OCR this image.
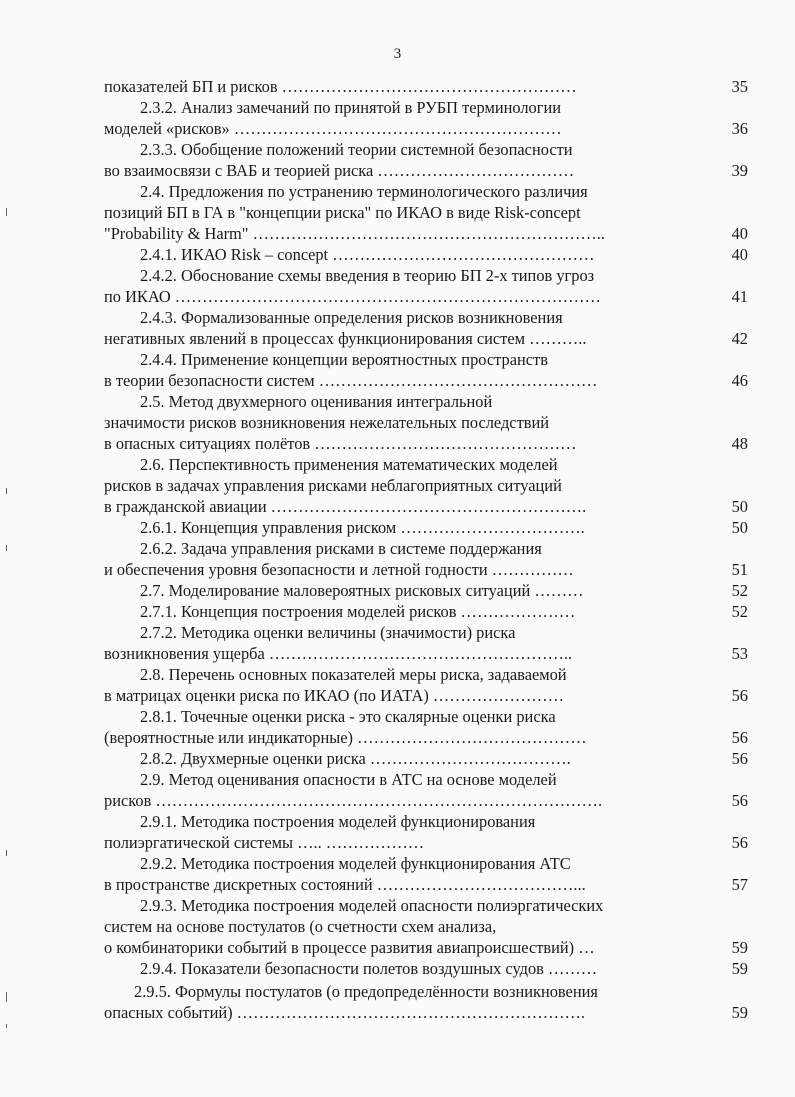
3
показателей БП и рисков ………………………………………………	35
2.3.2. Анализ замечаний по принятой в РУБП терминологии
моделей «рисков» ……………………………………………………	36
2.3.3. Обобщение положений теории системной безопасности
во взаимосвязи с ВАБ и теорией риска ………………………………	39
2.4. Предложения по устранению терминологического различия
позиций БП в ГА в "концепции риска" по ИКАО в виде Risk-concept
"Probability & Harm" ………………………………………………………..	40
2.4.1. ИКАО Risk – concept …………………………………………	40
2.4.2. Обоснование схемы введения в теорию БП 2-х типов угроз
по ИКАО ……………………………………………………………………	41
2.4.3. Формализованные определения рисков возникновения
негативных явлений в процессах функционирования систем ………..	42
2.4.4. Применение концепции вероятностных пространств
в теории безопасности систем ……………………………………………	46
2.5. Метод двухмерного оценивания интегральной
значимости рисков возникновения нежелательных последствий
в опасных ситуациях полётов …………………………………………	48
2.6. Перспективность применения математических моделей
рисков в задачах управления рисками неблагоприятных ситуаций
в гражданской авиации ………………………………………………….	50
2.6.1. Концепция управления риском …………………………….	50
2.6.2. Задача управления рисками в системе поддержания
и обеспечения уровня безопасности и летной годности ……………	51
2.7. Моделирование маловероятных рисковых ситуаций ………	52
2.7.1. Концепция построения моделей рисков …………………	52
2.7.2. Методика оценки величины (значимости) риска
возникновения ущерба ………………………………………………..	53
2.8. Перечень основных показателей меры риска, задаваемой
в матрицах оценки риска по ИКАО (по ИАТА) ……………………	56
2.8.1. Точечные оценки риска - это скалярные оценки риска
(вероятностные или индикаторные) ……………………………………	56
2.8.2. Двухмерные оценки риска ……………………………….	56
2.9. Метод оценивания опасности в АТС на основе моделей
рисков ……………………………………………………………………….	56
2.9.1. Методика построения моделей функционирования
полиэргатической системы ….. ………………	56
2.9.2. Методика построения моделей функционирования АТС
в пространстве дискретных состояний ………………………………...	57
2.9.3. Методика построения моделей опасности полиэргатических
систем на основе постулатов (о счетности схем анализа,
о комбинаторики событий в процессе развития авиапроисшествий) …	59
2.9.4. Показатели безопасности полетов воздушных судов ………	59
2.9.5. Формулы постулатов (о предопределённости возникновения
опасных событий) ……………………………………………………….	59
